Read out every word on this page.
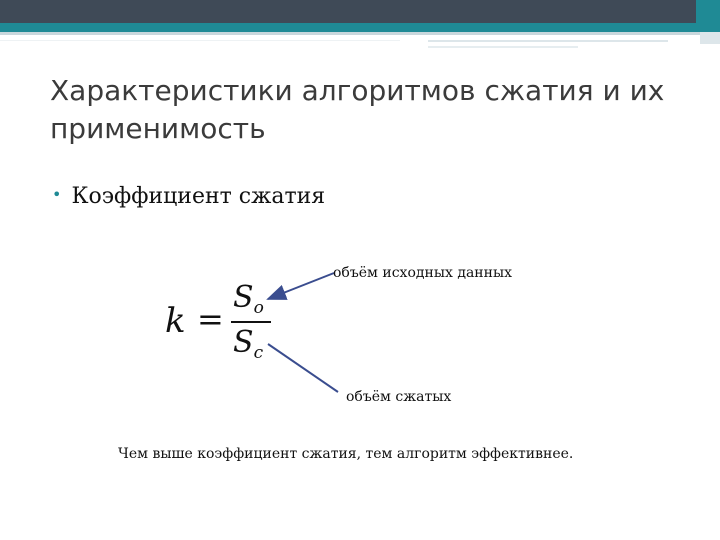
Характеристики алгоритмов сжатия и их применимость
• Коэффициент сжатия
k =
$S_o$
$S_c$
объём исходных данных
объём сжатых
Чем выше коэффициент сжатия, тем алгоритм эффективнее.
